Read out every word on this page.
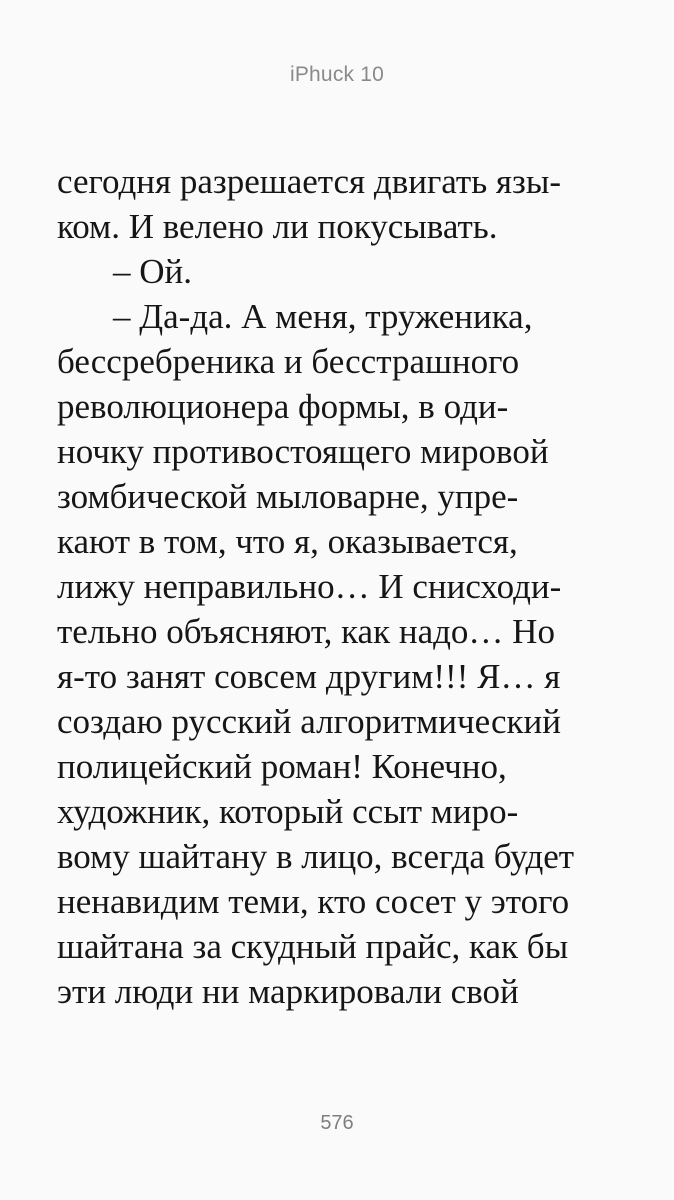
iPhuck 10
сегодня разрешается двигать язы-
ком. И велено ли покусывать.
– Ой.
– Да-да. А меня, труженика,
бессребреника и бесстрашного
революционера формы, в оди-
ночку противостоящего мировой
зомбической мыловарне, упре-
кают в том, что я, оказывается,
лижу неправильно… И снисходи-
тельно объясняют, как надо… Но
я-то занят совсем другим!!! Я… я
создаю русский алгоритмический
полицейский роман! Конечно,
художник, который ссыт миро-
вому шайтану в лицо, всегда будет
ненавидим теми, кто сосет у этого
шайтана за скудный прайс, как бы
эти люди ни маркировали свой
576
